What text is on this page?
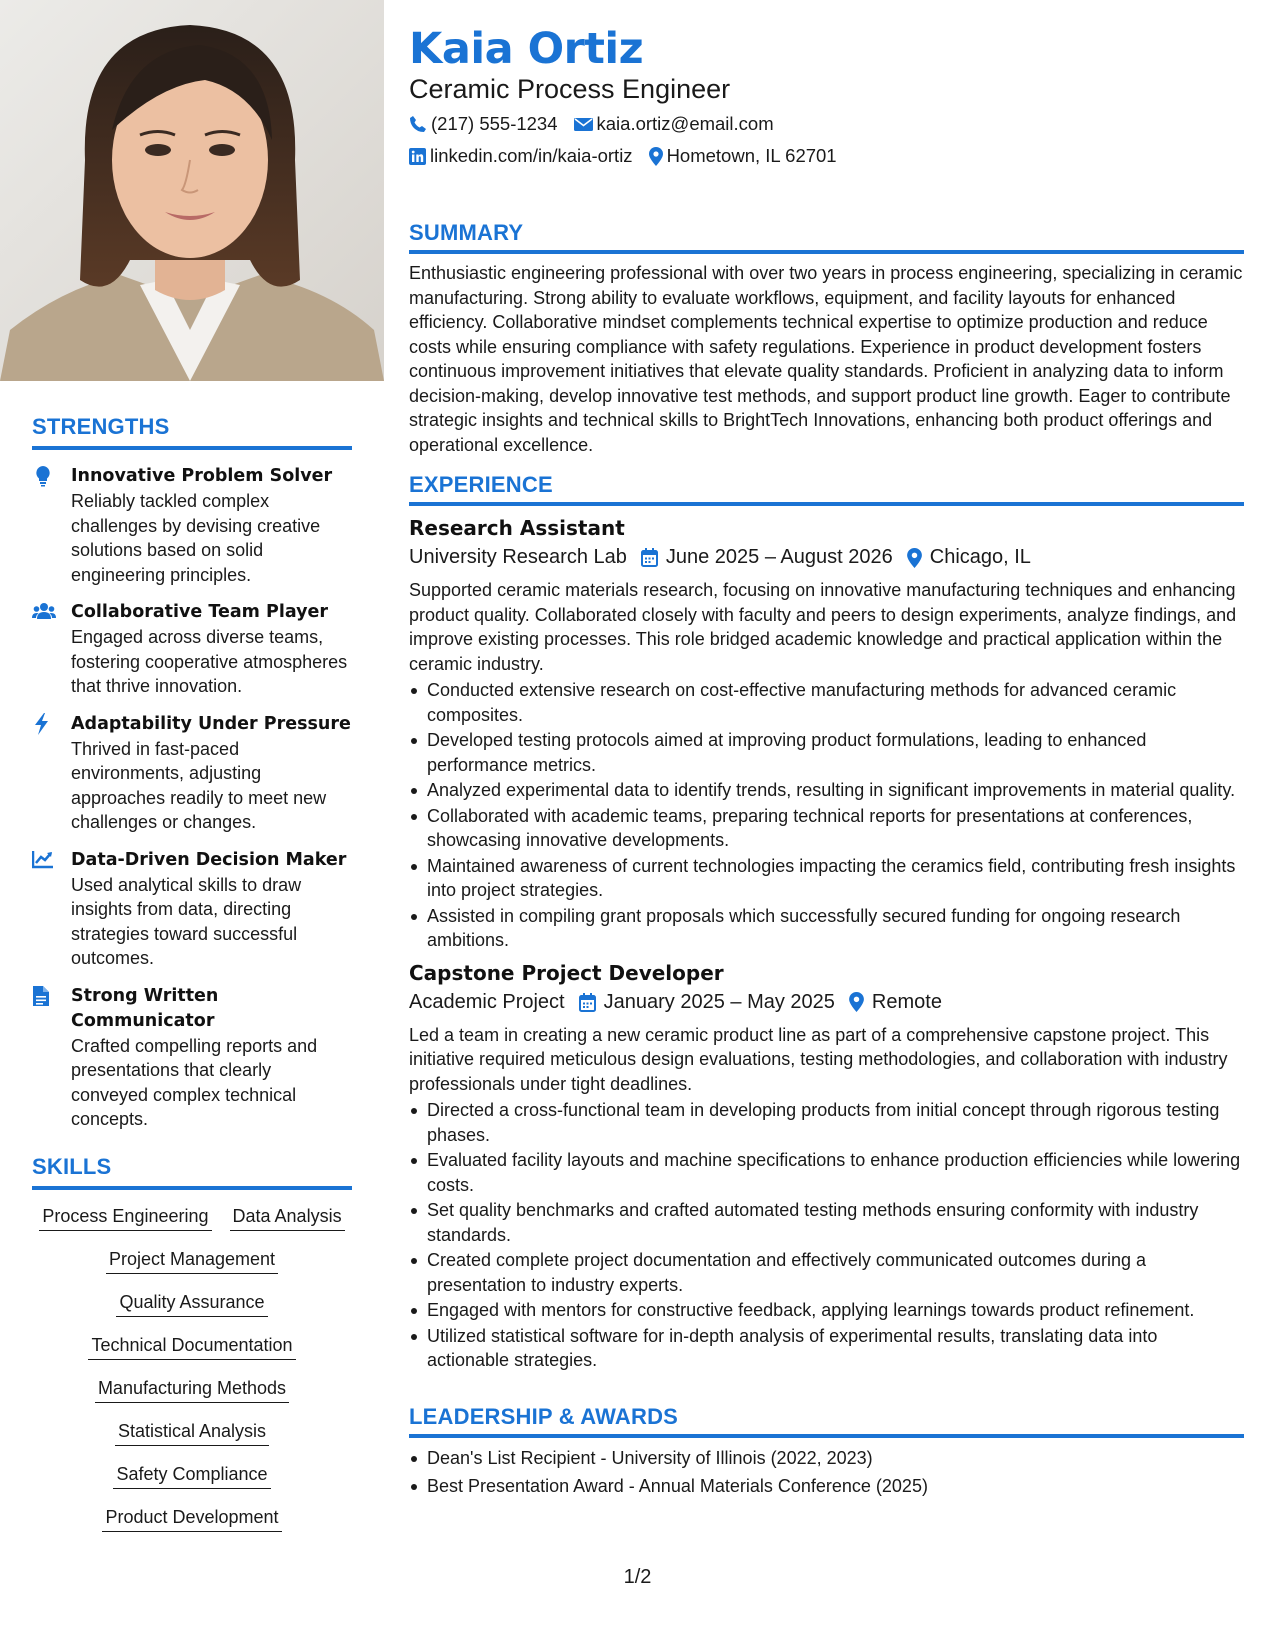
STRENGTHS
Innovative Problem Solver
Reliably tackled complex challenges by devising creative solutions based on solid engineering principles.
Collaborative Team Player
Engaged across diverse teams, fostering cooperative atmospheres that thrive innovation.
Adaptability Under Pressure
Thrived in fast-paced environments, adjusting approaches readily to meet new challenges or changes.
Data-Driven Decision Maker
Used analytical skills to draw insights from data, directing strategies toward successful outcomes.
Strong Written Communicator
Crafted compelling reports and presentations that clearly conveyed complex technical concepts.
SKILLS
Process Engineering Data Analysis
Project Management
Quality Assurance
Technical Documentation
Manufacturing Methods
Statistical Analysis
Safety Compliance
Product Development
Kaia Ortiz
Ceramic Process Engineer
(217) 555-1234 kaia.ortiz@email.com
linkedin.com/in/kaia-ortiz Hometown, IL 62701
SUMMARY

Enthusiastic engineering professional with over two years in process engineering, specializing in ceramic manufacturing. Strong ability to evaluate workflows, equipment, and facility layouts for enhanced efficiency. Collaborative mindset complements technical expertise to optimize production and reduce costs while ensuring compliance with safety regulations. Experience in product development fosters continuous improvement initiatives that elevate quality standards. Proficient in analyzing data to inform decision-making, develop innovative test methods, and support product line growth. Eager to contribute strategic insights and technical skills to BrightTech Innovations, enhancing both product offerings and operational excellence.

EXPERIENCE
Research Assistant
University Research Lab June 2025 – August 2026 Chicago, IL

Supported ceramic materials research, focusing on innovative manufacturing techniques and enhancing product quality. Collaborated closely with faculty and peers to design experiments, analyze findings, and improve existing processes. This role bridged academic knowledge and practical application within the ceramic industry.

Conducted extensive research on cost-effective manufacturing methods for advanced ceramic composites.
Developed testing protocols aimed at improving product formulations, leading to enhanced performance metrics.
Analyzed experimental data to identify trends, resulting in significant improvements in material quality.
Collaborated with academic teams, preparing technical reports for presentations at conferences, showcasing innovative developments.
Maintained awareness of current technologies impacting the ceramics field, contributing fresh insights into project strategies.
Assisted in compiling grant proposals which successfully secured funding for ongoing research ambitions.
Capstone Project Developer
Academic Project January 2025 – May 2025 Remote

Led a team in creating a new ceramic product line as part of a comprehensive capstone project. This initiative required meticulous design evaluations, testing methodologies, and collaboration with industry professionals under tight deadlines.

Directed a cross-functional team in developing products from initial concept through rigorous testing phases.
Evaluated facility layouts and machine specifications to enhance production efficiencies while lowering costs.
Set quality benchmarks and crafted automated testing methods ensuring conformity with industry standards.
Created complete project documentation and effectively communicated outcomes during a presentation to industry experts.
Engaged with mentors for constructive feedback, applying learnings towards product refinement.
Utilized statistical software for in-depth analysis of experimental results, translating data into actionable strategies.
LEADERSHIP & AWARDS
Dean's List Recipient - University of Illinois (2022, 2023)
Best Presentation Award - Annual Materials Conference (2025)
1/2
